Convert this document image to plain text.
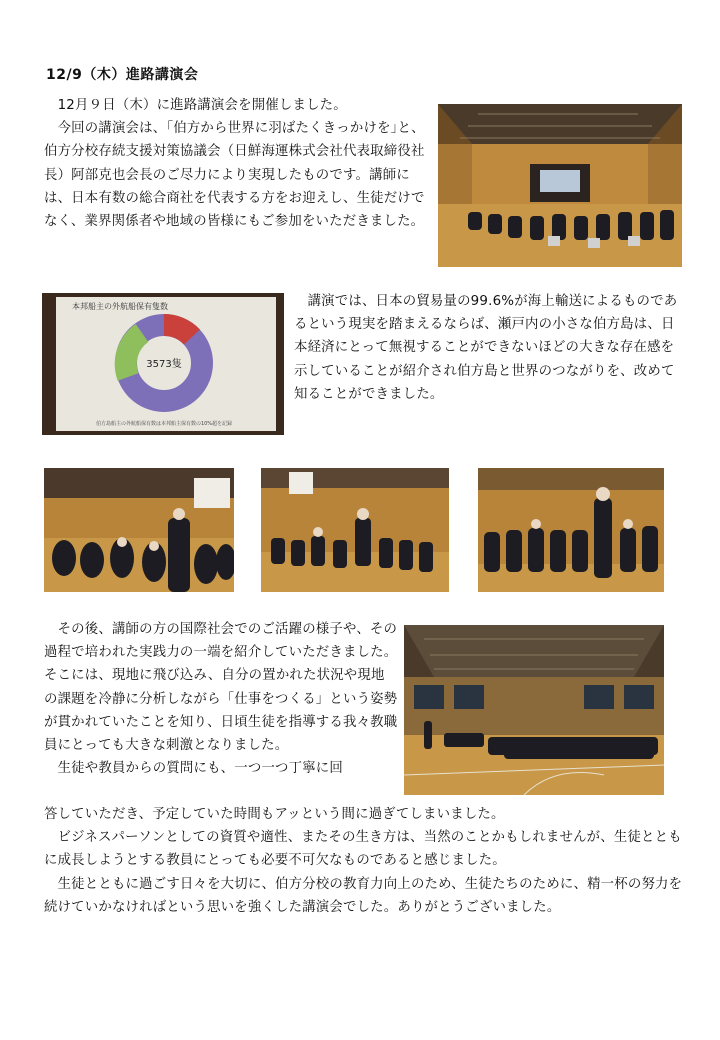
12/9（木）進路講演会
　12月９日（木）に進路講演会を開催しました。
　今回の講演会は、｢伯方から世界に羽ばたくきっかけを｣と、伯方分校存続支援対策協議会（日鮮海運株式会社代表取締役社長）阿部克也会長のご尽力により実現したものです。講師には、日本有数の総合商社を代表する方をお迎えし、生徒だけでなく、業界関係者や地域の皆様にもご参加をいただきました。
本邦船主の外航船保有隻数
3573隻
伯方島船主の外航船保有数は本邦船主保有数の10%超を記録
　講演では、日本の貿易量の99.6%が海上輸送によるものであるという現実を踏まえるならば、瀬戸内の小さな伯方島は、日本経済にとって無視することができないほどの大きな存在感を示していることが紹介され伯方島と世界のつながりを、改めて知ることができました。
　その後、講師の方の国際社会でのご活躍の様子や、その過程で培われた実践力の一端を紹介していただきました。そこには、現地に飛び込み、自分の置かれた状況や現地の課題を冷静に分析しながら「仕事をつくる」という姿勢が貫かれていたことを知り、日頃生徒を指導する我々教職員にとっても大きな刺激となりました。
　生徒や教員からの質問にも、一つ一つ丁寧に回
答していただき、予定していた時間もアッという間に過ぎてしまいました。
　ビジネスパーソンとしての資質や適性、またその生き方は、当然のことかもしれませんが、生徒とともに成長しようとする教員にとっても必要不可欠なものであると感じました。
　生徒とともに過ごす日々を大切に、伯方分校の教育力向上のため、生徒たちのために、精一杯の努力を続けていかなければという思いを強くした講演会でした。ありがとうございました。
